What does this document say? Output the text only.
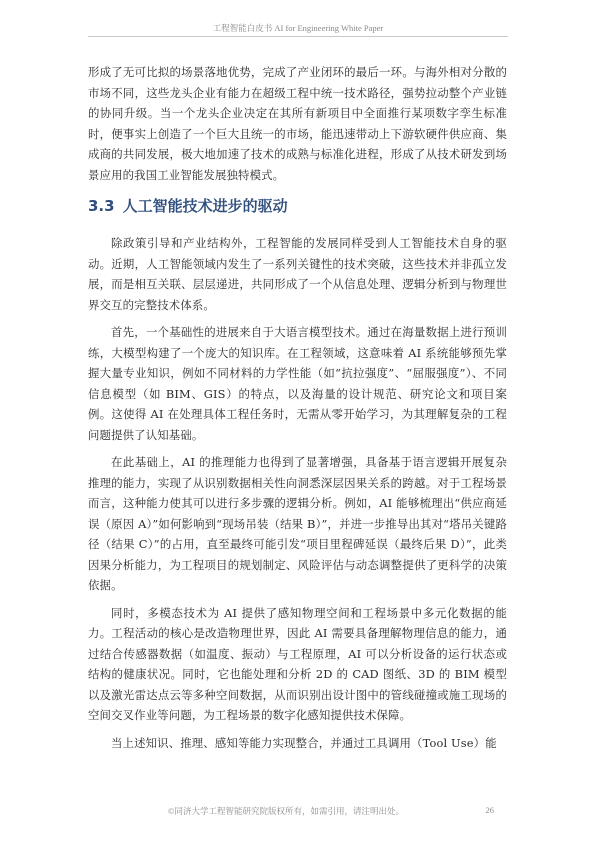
工程智能白皮书 AI for Engineering White Paper

形成了无可比拟的场景落地优势，完成了产业闭环的最后一环。与海外相对分散的市场不同，这些龙头企业有能力在超级工程中统一技术路径，强势拉动整个产业链的协同升级。当一个龙头企业决定在其所有新项目中全面推行某项数字孪生标准时，便事实上创造了一个巨大且统一的市场，能迅速带动上下游软硬件供应商、集成商的共同发展，极大地加速了技术的成熟与标准化进程，形成了从技术研发到场景应用的我国工业智能发展独特模式。

3.3 人工智能技术进步的驱动

除政策引导和产业结构外，工程智能的发展同样受到人工智能技术自身的驱动。近期，人工智能领域内发生了一系列关键性的技术突破，这些技术并非孤立发展，而是相互关联、层层递进，共同形成了一个从信息处理、逻辑分析到与物理世界交互的完整技术体系。

首先，一个基础性的进展来自于大语言模型技术。通过在海量数据上进行预训练，大模型构建了一个庞大的知识库。在工程领域，这意味着 AI 系统能够预先掌握大量专业知识，例如不同材料的力学性能（如“抗拉强度”、“屈服强度”）、不同信息模型（如 BIM、GIS）的特点，以及海量的设计规范、研究论文和项目案例。这使得 AI 在处理具体工程任务时，无需从零开始学习，为其理解复杂的工程问题提供了认知基础。

在此基础上，AI 的推理能力也得到了显著增强，具备基于语言逻辑开展复杂推理的能力，实现了从识别数据相关性向洞悉深层因果关系的跨越。对于工程场景而言，这种能力使其可以进行多步骤的逻辑分析。例如，AI 能够梳理出“供应商延误（原因 A）”如何影响到“现场吊装（结果 B）”，并进一步推导出其对“塔吊关键路径（结果 C）”的占用，直至最终可能引发“项目里程碑延误（最终后果 D）”，此类因果分析能力，为工程项目的规划制定、风险评估与动态调整提供了更科学的决策依据。

同时，多模态技术为 AI 提供了感知物理空间和工程场景中多元化数据的能力。工程活动的核心是改造物理世界，因此 AI 需要具备理解物理信息的能力，通过结合传感器数据（如温度、振动）与工程原理，AI 可以分析设备的运行状态或结构的健康状况。同时，它也能处理和分析 2D 的 CAD 图纸、3D 的 BIM 模型以及激光雷达点云等多种空间数据，从而识别出设计图中的管线碰撞或施工现场的空间交叉作业等问题，为工程场景的数字化感知提供技术保障。

当上述知识、推理、感知等能力实现整合，并通过工具调用（Tool Use）能

©同济大学工程智能研究院版权所有，如需引用，请注明出处。	26
